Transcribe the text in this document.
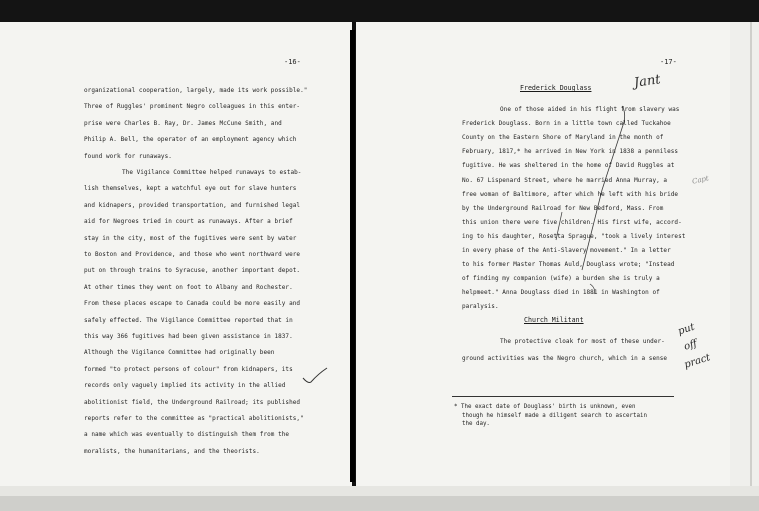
-16-
organizational cooperation, largely, made its work possible."
Three of Ruggles' prominent Negro colleagues in this enter-
prise were Charles B. Ray, Dr. James McCune Smith, and
Philip A. Bell, the operator of an employment agency which
found work for runaways.
The Vigilance Committee helped runaways to estab-
lish themselves, kept a watchful eye out for slave hunters
and kidnapers, provided transportation, and furnished legal
aid for Negroes tried in court as runaways. After a brief
stay in the city, most of the fugitives were sent by water
to Boston and Providence, and those who went northward were
put on through trains to Syracuse, another important depot.
At other times they went on foot to Albany and Rochester.
From these places escape to Canada could be more easily and
safely effected. The Vigilance Committee reported that in
this way 366 fugitives had been given assistance in 1837.
Although the Vigilance Committee had originally been
formed "to protect persons of colour" from kidnapers, its
records only vaguely implied its activity in the allied
abolitionist field, the Underground Railroad; its published
reports refer to the committee as "practical abolitionists,"
a name which was eventually to distinguish them from the
moralists, the humanitarians, and the theorists.
-17-
Frederick Douglass
One of those aided in his flight from slavery was
Frederick Douglass. Born in a little town called Tuckahoe
County on the Eastern Shore of Maryland in the month of
February, 1817,* he arrived in New York in 1838 a penniless
fugitive. He was sheltered in the home of David Ruggles at
No. 67 Lispenard Street, where he married Anna Murray, a
free woman of Baltimore, after which he left with his bride
by the Underground Railroad for New Bedford, Mass. From
this union there were five children. His first wife, accord-
ing to his daughter, Rosetta Sprague, "took a lively interest
in every phase of the Anti-Slavery movement." In a letter
to his former Master Thomas Auld, Douglass wrote; "Instead
of finding my companion (wife) a burden she is truly a
helpmeet." Anna Douglass died in 1881 in Washington of
paralysis.
Church Militant
The protective cloak for most of these under-
ground activities was the Negro church, which in a sense
* The exact date of Douglass' birth is unknown, even
though he himself made a diligent search to ascertain
the day.
Jant
Capt
put
off
pract
